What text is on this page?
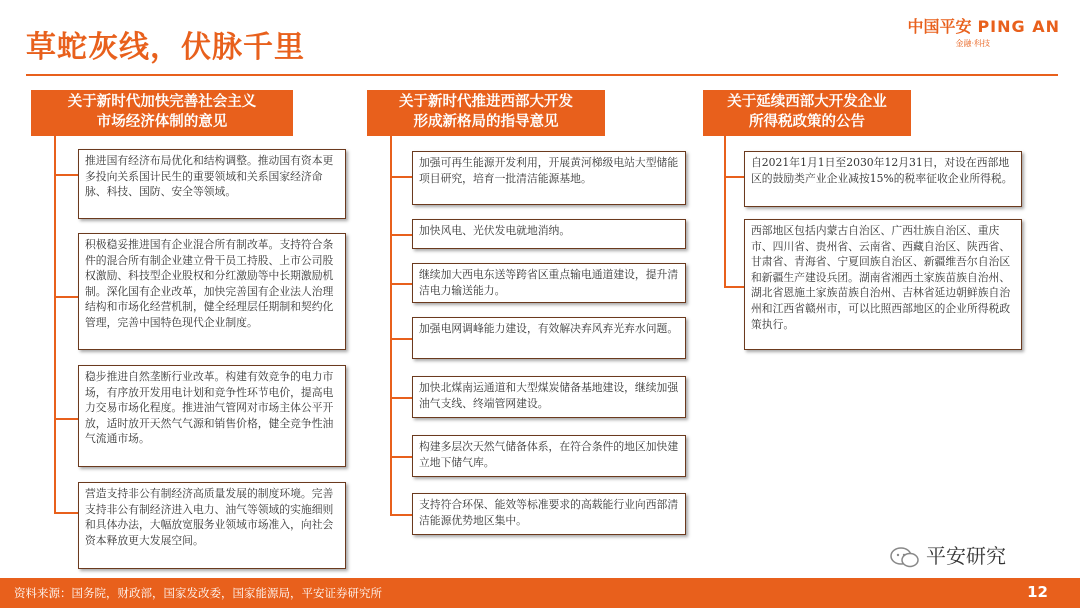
草蛇灰线，伏脉千里
中国平安 PING AN
金融·科技
关于新时代加快完善社会主义
市场经济体制的意见
推进国有经济布局优化和结构调整。推动国有资本更多投向关系国计民生的重要领域和关系国家经济命脉、科技、国防、安全等领域。
积极稳妥推进国有企业混合所有制改革。支持符合条件的混合所有制企业建立骨干员工持股、上市公司股权激励、科技型企业股权和分红激励等中长期激励机制。深化国有企业改革，加快完善国有企业法人治理结构和市场化经营机制，健全经理层任期制和契约化管理，完善中国特色现代企业制度。
稳步推进自然垄断行业改革。构建有效竞争的电力市场，有序放开发用电计划和竞争性环节电价，提高电力交易市场化程度。推进油气管网对市场主体公平开放，适时放开天然气气源和销售价格，健全竞争性油气流通市场。
营造支持非公有制经济高质量发展的制度环境。完善支持非公有制经济进入电力、油气等领域的实施细则和具体办法，大幅放宽服务业领域市场准入，向社会资本释放更大发展空间。
关于新时代推进西部大开发
形成新格局的指导意见
加强可再生能源开发利用，开展黄河梯级电站大型储能项目研究，培育一批清洁能源基地。
加快风电、光伏发电就地消纳。
继续加大西电东送等跨省区重点输电通道建设，提升清洁电力输送能力。
加强电网调峰能力建设，有效解决弃风弃光弃水问题。
加快北煤南运通道和大型煤炭储备基地建设，继续加强油气支线、终端管网建设。
构建多层次天然气储备体系，在符合条件的地区加快建立地下储气库。
支持符合环保、能效等标准要求的高载能行业向西部清洁能源优势地区集中。
关于延续西部大开发企业
所得税政策的公告
自2021年1月1日至2030年12月31日，对设在西部地区的鼓励类产业企业减按15%的税率征收企业所得税。
西部地区包括内蒙古自治区、广西壮族自治区、重庆市、四川省、贵州省、云南省、西藏自治区、陕西省、甘肃省、青海省、宁夏回族自治区、新疆维吾尔自治区和新疆生产建设兵团。湖南省湘西土家族苗族自治州、湖北省恩施土家族苗族自治州、吉林省延边朝鲜族自治州和江西省赣州市，可以比照西部地区的企业所得税政策执行。
平安研究
资料来源：国务院，财政部，国家发改委，国家能源局，平安证券研究所	12
